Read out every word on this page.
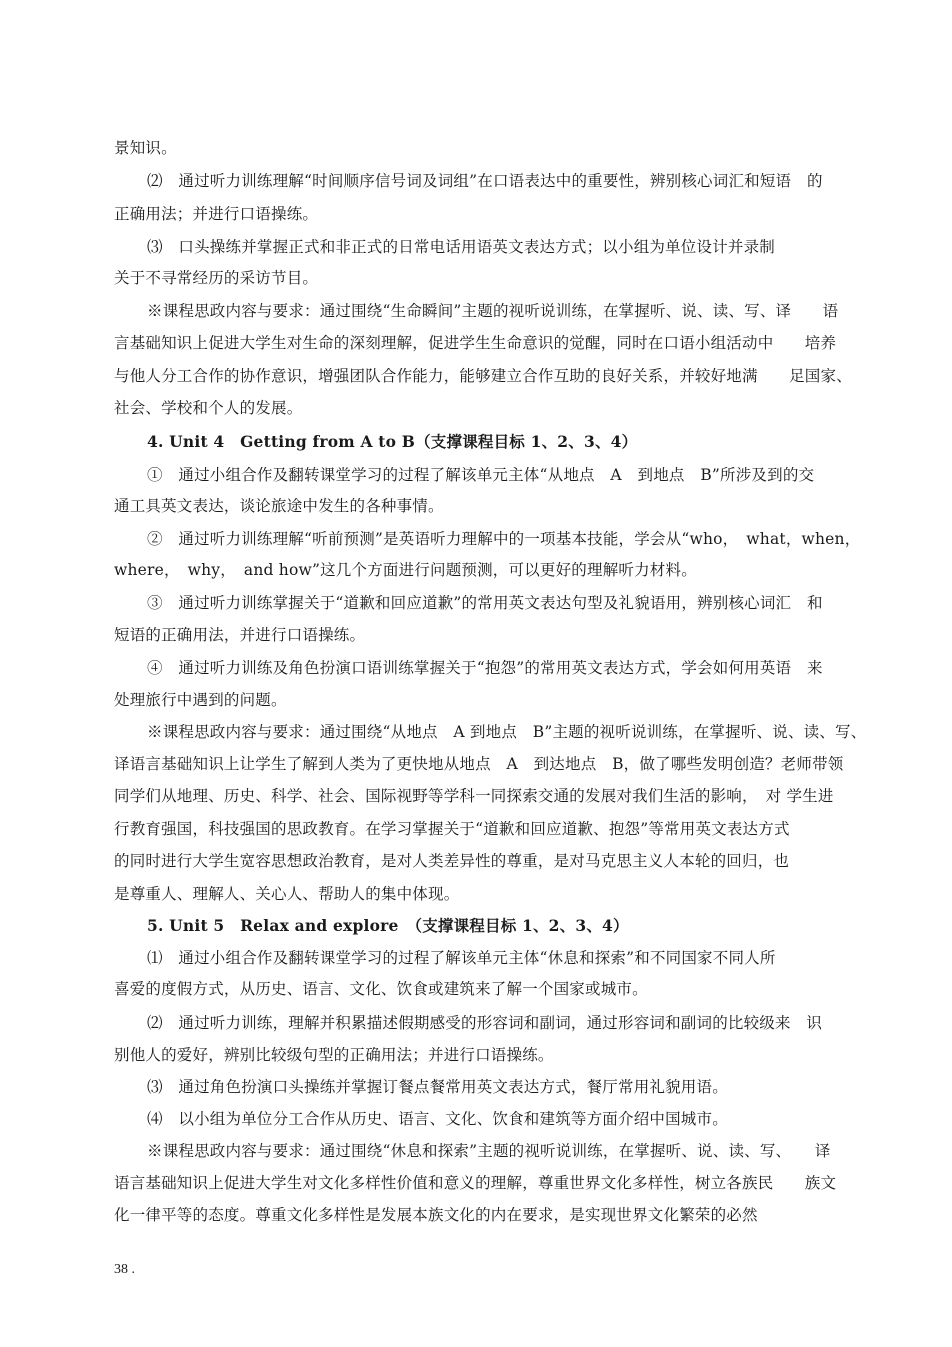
景知识。
⑵　通过听力训练理解“时间顺序信号词及词组”在口语表达中的重要性，辨别核心词汇和短语　的
正确用法；并进行口语操练。
⑶　口头操练并掌握正式和非正式的日常电话用语英文表达方式；以小组为单位设计并录制
关于不寻常经历的采访节目。
※课程思政内容与要求：通过围绕“生命瞬间”主题的视听说训练，在掌握听、说、读、写、译　　语
言基础知识上促进大学生对生命的深刻理解，促进学生生命意识的觉醒，同时在口语小组活动中　　培养
与他人分工合作的协作意识，增强团队合作能力，能够建立合作互助的良好关系，并较好地满　　足国家、
社会、学校和个人的发展。
4. Unit 4　Getting from A to B（支撑课程目标 1、2、3、4）
➀　通过小组合作及翻转课堂学习的过程了解该单元主体“从地点　A　到地点　B”所涉及到的交
通工具英文表达，谈论旅途中发生的各种事情。
➁　通过听力训练理解“听前预测”是英语听力理解中的一项基本技能，学会从“who，　what，when，
where，　why，　and how”这几个方面进行问题预测，可以更好的理解听力材料。
➂　通过听力训练掌握关于“道歉和回应道歉”的常用英文表达句型及礼貌语用，辨别核心词汇　和
短语的正确用法，并进行口语操练。
➃　通过听力训练及角色扮演口语训练掌握关于“抱怨”的常用英文表达方式，学会如何用英语　来
处理旅行中遇到的问题。
※课程思政内容与要求：通过围绕“从地点　A 到地点　B”主题的视听说训练，在掌握听、说、读、写、
译语言基础知识上让学生了解到人类为了更快地从地点　A　到达地点　B，做了哪些发明创造？老师带领
同学们从地理、历史、科学、社会、国际视野等学科一同探索交通的发展对我们生活的影响，　对 学生进
行教育强国，科技强国的思政教育。在学习掌握关于“道歉和回应道歉、抱怨”等常用英文表达方式
的同时进行大学生宽容思想政治教育，是对人类差异性的尊重，是对马克思主义人本轮的回归，也
是尊重人、理解人、关心人、帮助人的集中体现。
5. Unit 5　Relax and explore　（支撑课程目标 1、2、3、4）
⑴　通过小组合作及翻转课堂学习的过程了解该单元主体“休息和探索”和不同国家不同人所
喜爱的度假方式，从历史、语言、文化、饮食或建筑来了解一个国家或城市。
⑵　通过听力训练，理解并积累描述假期感受的形容词和副词，通过形容词和副词的比较级来　识
别他人的爱好，辨别比较级句型的正确用法；并进行口语操练。
⑶　通过角色扮演口头操练并掌握订餐点餐常用英文表达方式，餐厅常用礼貌用语。
⑷　以小组为单位分工合作从历史、语言、文化、饮食和建筑等方面介绍中国城市。
※课程思政内容与要求：通过围绕“休息和探索”主题的视听说训练，在掌握听、说、读、写、　　译
语言基础知识上促进大学生对文化多样性价值和意义的理解，尊重世界文化多样性，树立各族民　　族文
化一律平等的态度。尊重文化多样性是发展本族文化的内在要求，是实现世界文化繁荣的必然
38 .
